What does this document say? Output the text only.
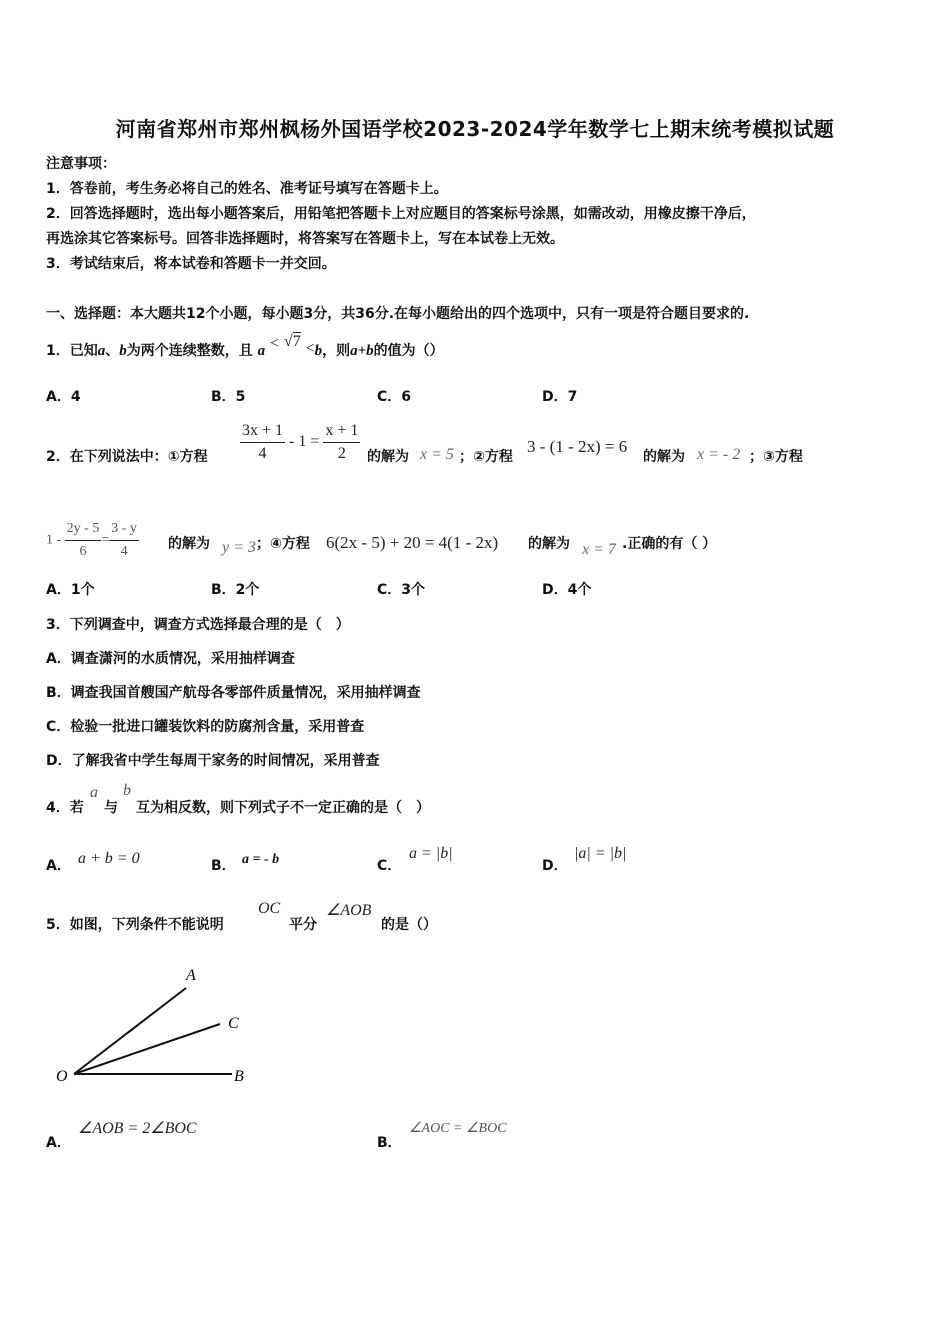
河南省郑州市郑州枫杨外国语学校2023-2024学年数学七上期末统考模拟试题
注意事项：
1．答卷前，考生务必将自己的姓名、准考证号填写在答题卡上。
2．回答选择题时，选出每小题答案后，用铅笔把答题卡上对应题目的答案标号涂黑，如需改动，用橡皮擦干净后，
再选涂其它答案标号。回答非选择题时，将答案写在答题卡上，写在本试卷上无效。
3．考试结束后，将本试卷和答题卡一并交回。
一、选择题：本大题共12个小题，每小题3分，共36分.在每小题给出的四个选项中，只有一项是符合题目要求的.
1．已知a、b为两个连续整数，且 a < √7 <b，则a+b的值为（）
A．4	B．5	C．6	D．7
2．在下列说法中：①方程 $\frac{3x + 1}{4} - 1 = \frac{x + 1}{2}$ 的解为 x = 5 ；②方程
3 - (1 - 2x) = 6
的解为 x = - 2 ；③方程
$1 - \frac{2y - 5}{6} = \frac{3 - y}{4}$ 的解为 y = 3 ；④方程 6(2x - 5) + 20 = 4(1 - 2x) 的解为 x = 7 .正确的有（ ）
A．1个	B．2个	C．3个	D．4个
3．下列调查中，调查方式选择最合理的是（　）
A．调查潇河的水质情况，采用抽样调查
B．调查我国首艘国产航母各零部件质量情况，采用抽样调查
C．检验一批进口罐装饮料的防腐剂含量，采用普查
D．了解我省中学生每周干家务的时间情况，采用普查
4．若
a
与
b
互为相反数，则下列式子不一定正确的是（　）
A． a + b = 0	B． a = - b	C．
a = |b|
D．
|a| = |b|
5．如图，下列条件不能说明
OC
平分
∠AOB
的是（）
A
C
O	B
A．
∠AOB = 2∠BOC
B．
∠AOC = ∠BOC
